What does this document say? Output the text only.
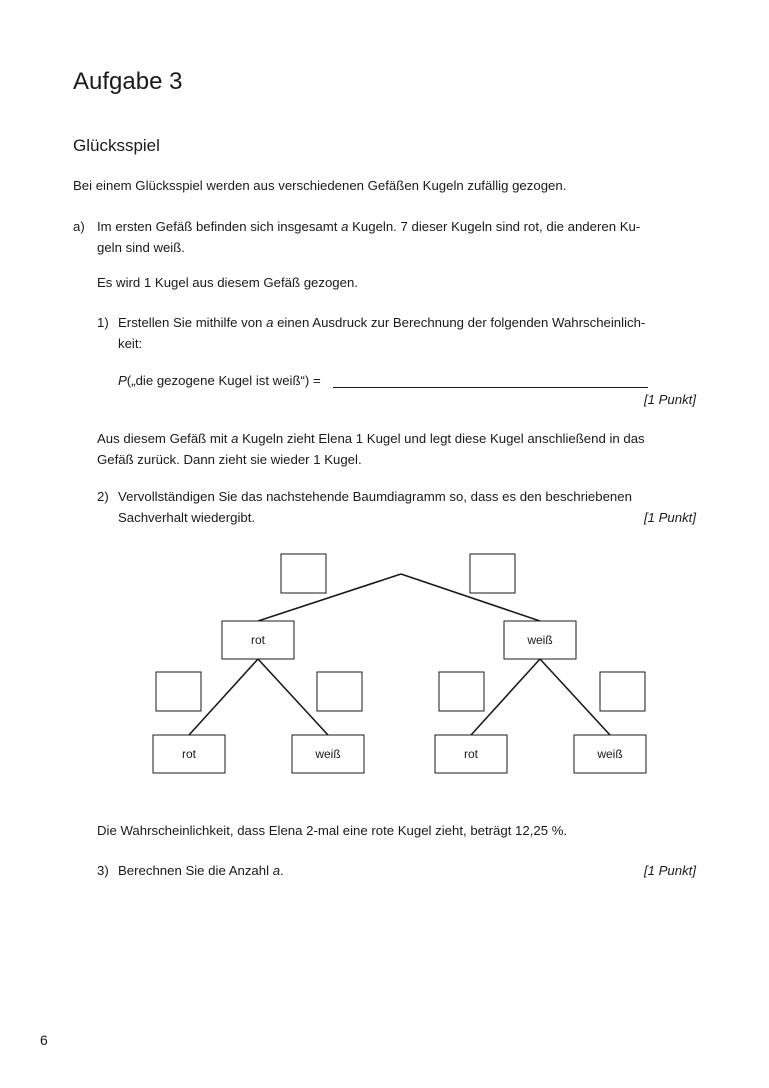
Aufgabe 3
Glücksspiel

Bei einem Glücksspiel werden aus verschiedenen Gefäßen Kugeln zufällig gezogen.

a) Im ersten Gefäß befinden sich insgesamt a Kugeln. 7 dieser Kugeln sind rot, die anderen Ku-
geln sind weiß.

Es wird 1 Kugel aus diesem Gefäß gezogen.

1) Erstellen Sie mithilfe von a einen Ausdruck zur Berechnung der folgenden Wahrscheinlich-
keit:

P(„die gezogene Kugel ist weiß“) =

[1 Punkt]

Aus diesem Gefäß mit a Kugeln zieht Elena 1 Kugel und legt diese Kugel anschließend in das
Gefäß zurück. Dann zieht sie wieder 1 Kugel.

2) Vervollständigen Sie das nachstehende Baumdiagramm so, dass es den beschriebenen
Sachverhalt wiedergibt.	[1 Punkt]

rot	weiß
rot	weiß	rot	weiß

Die Wahrscheinlichkeit, dass Elena 2-mal eine rote Kugel zieht, beträgt 12,25 %.

3) Berechnen Sie die Anzahl a.	[1 Punkt]

6
